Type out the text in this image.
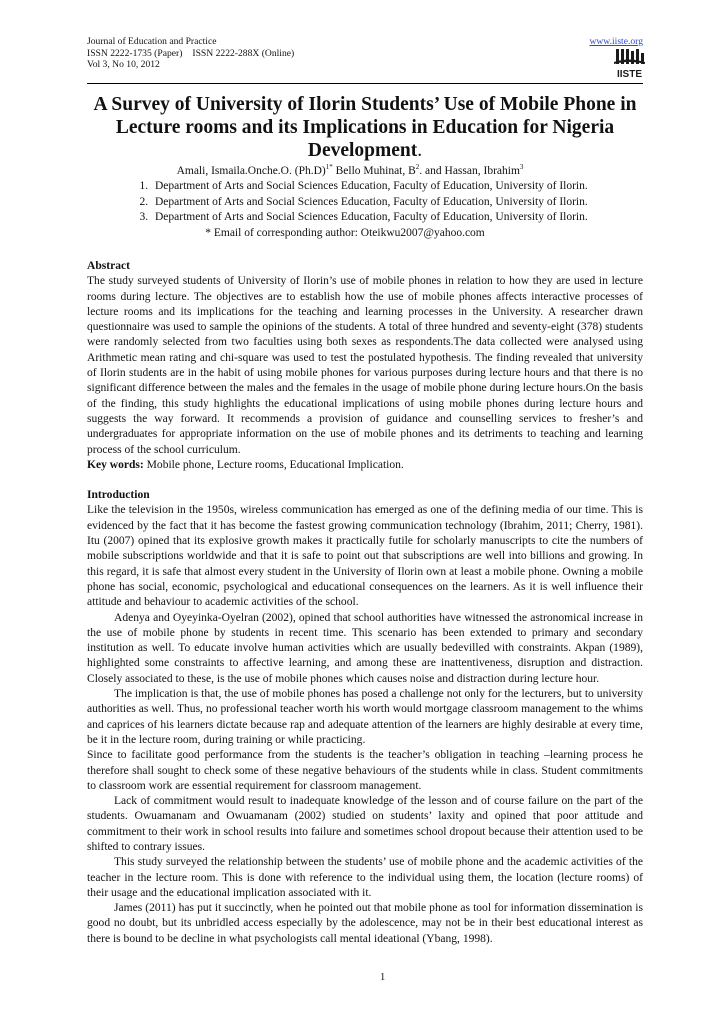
Journal of Education and Practice	www.iiste.org
ISSN 2222-1735 (Paper) ISSN 2222-288X (Online)
Vol 3, No 10, 2012
IISTE
A Survey of University of Ilorin Students’ Use of Mobile Phone in
Lecture rooms and its Implications in Education for Nigeria
Development.
Amali, Ismaila.Onche.O. $(Ph.D)^{1*}$ Bello Muhinat, $B^2$. and Hassan, Ibrahim$^3$
1. Department of Arts and Social Sciences Education, Faculty of Education, University of Ilorin.
2. Department of Arts and Social Sciences Education, Faculty of Education, University of Ilorin.
3. Department of Arts and Social Sciences Education, Faculty of Education, University of Ilorin.
* Email of corresponding author: Oteikwu2007@yahoo.com

Abstract

The study surveyed students of University of Ilorin’s use of mobile phones in relation to how they are used in lecture rooms during lecture. The objectives are to establish how the use of mobile phones affects interactive processes of lecture rooms and its implications for the teaching and learning processes in the University. A researcher drawn questionnaire was used to sample the opinions of the students. A total of three hundred and seventy-eight (378) students were randomly selected from two faculties using both sexes as respondents.The data collected were analysed using Arithmetic mean rating and chi-square was used to test the postulated hypothesis. The finding revealed that university of Ilorin students are in the habit of using mobile phones for various purposes during lecture hours and that there is no significant difference between the males and the females in the usage of mobile phone during lecture hours.On the basis of the finding, this study highlights the educational implications of using mobile phones during lecture hours and suggests the way forward. It recommends a provision of guidance and counselling services to fresher’s and undergraduates for appropriate information on the use of mobile phones and its detriments to teaching and learning process of the school curriculum.

Key words: Mobile phone, Lecture rooms, Educational Implication.

Introduction

Like the television in the 1950s, wireless communication has emerged as one of the defining media of our time. This is evidenced by the fact that it has become the fastest growing communication technology (Ibrahim, 2011; Cherry, 1981). Itu (2007) opined that its explosive growth makes it practically futile for scholarly manuscripts to cite the numbers of mobile subscriptions worldwide and that it is safe to point out that subscriptions are well into billions and growing. In this regard, it is safe that almost every student in the University of Ilorin own at least a mobile phone. Owning a mobile phone has social, economic, psychological and educational consequences on the learners. As it is well influence their attitude and behaviour to academic activities of the school.

Adenya and Oyeyinka-Oyelran (2002), opined that school authorities have witnessed the astronomical increase in the use of mobile phone by students in recent time. This scenario has been extended to primary and secondary institution as well. To educate involve human activities which are usually bedevilled with constraints. Akpan (1989), highlighted some constraints to affective learning, and among these are inattentiveness, disruption and distraction. Closely associated to these, is the use of mobile phones which causes noise and distraction during lecture hour.

The implication is that, the use of mobile phones has posed a challenge not only for the lecturers, but to university authorities as well. Thus, no professional teacher worth his worth would mortgage classroom management to the whims and caprices of his learners dictate because rap and adequate attention of the learners are highly desirable at every time, be it in the lecture room, during training or while practicing.

Since to facilitate good performance from the students is the teacher’s obligation in teaching –learning process he therefore shall sought to check some of these negative behaviours of the students while in class. Student commitments to classroom work are essential requirement for classroom management.

Lack of commitment would result to inadequate knowledge of the lesson and of course failure on the part of the students. Owuamanam and Owuamanam (2002) studied on students’ laxity and opined that poor attitude and commitment to their work in school results into failure and sometimes school dropout because their attention used to be shifted to contrary issues.

This study surveyed the relationship between the students’ use of mobile phone and the academic activities of the teacher in the lecture room. This is done with reference to the individual using them, the location (lecture rooms) of their usage and the educational implication associated with it.

James (2011) has put it succinctly, when he pointed out that mobile phone as tool for information dissemination is good no doubt, but its unbridled access especially by the adolescence, may not be in their best educational interest as there is bound to be decline in what psychologists call mental ideational (Ybang, 1998).

1
